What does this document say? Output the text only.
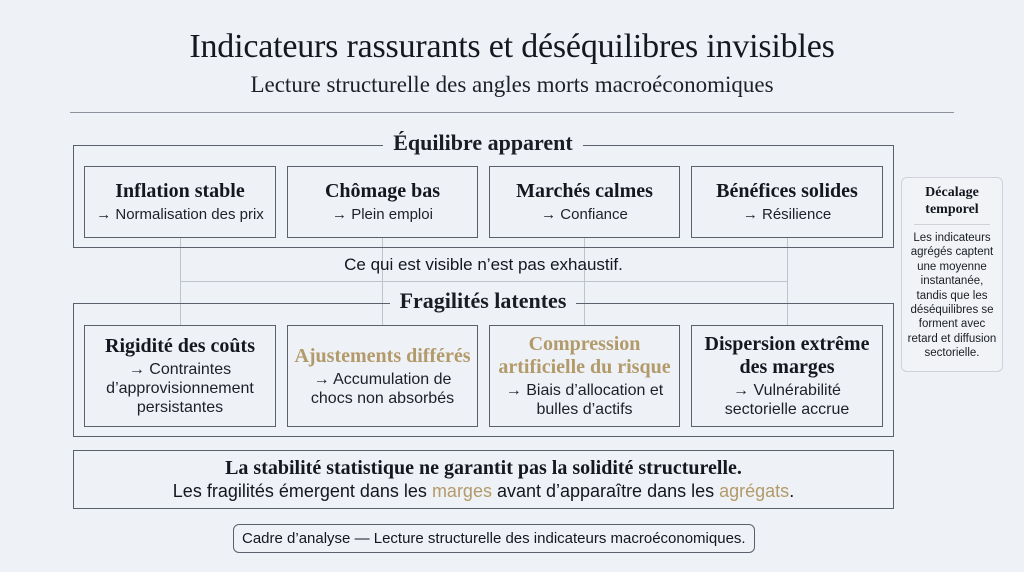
Indicateurs rassurants et déséquilibres invisibles
Lecture structurelle des angles morts macroéconomiques
Équilibre apparent
Inflation stable
→ Normalisation des prix
Chômage bas
→ Plein emploi
Marchés calmes
→ Confiance
Bénéfices solides
→ Résilience
Ce qui est visible n’est pas exhaustif.
Fragilités latentes
Rigidité des coûts
→ Contraintes d’approvisionnement persistantes
Ajustements différés
→ Accumulation de chocs non absorbés
Compression artificielle du risque
→ Biais d’allocation et bulles d’actifs
Dispersion extrême des marges
→ Vulnérabilité sectorielle accrue
Décalage temporel
Les indicateurs agrégés captent une moyenne instantanée, tandis que les déséquilibres se forment avec retard et diffusion sectorielle.
La stabilité statistique ne garantit pas la solidité structurelle.
Les fragilités émergent dans les marges avant d’apparaître dans les agrégats.
Cadre d’analyse — Lecture structurelle des indicateurs macroéconomiques.
